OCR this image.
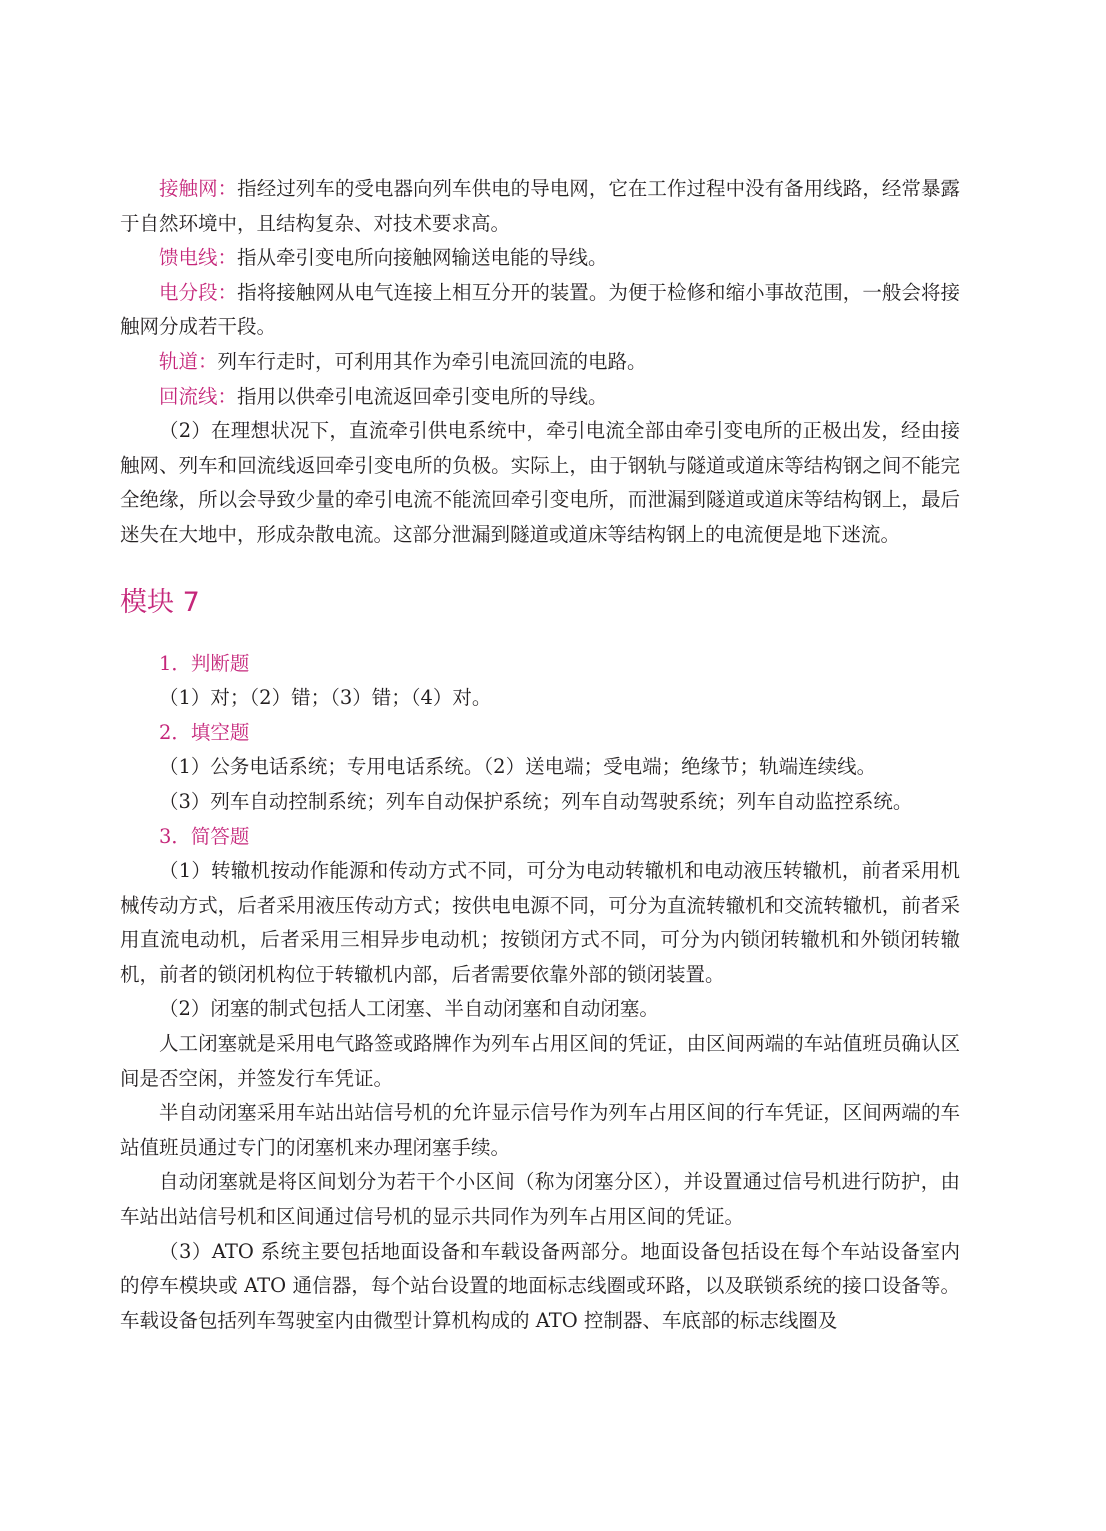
接触网：指经过列车的受电器向列车供电的导电网，它在工作过程中没有备用线路，经常暴露于自然环境中，且结构复杂、对技术要求高。

馈电线：指从牵引变电所向接触网输送电能的导线。

电分段：指将接触网从电气连接上相互分开的装置。为便于检修和缩小事故范围，一般会将接触网分成若干段。

轨道：列车行走时，可利用其作为牵引电流回流的电路。

回流线：指用以供牵引电流返回牵引变电所的导线。

（2）在理想状况下，直流牵引供电系统中，牵引电流全部由牵引变电所的正极出发，经由接触网、列车和回流线返回牵引变电所的负极。实际上，由于钢轨与隧道或道床等结构钢之间不能完全绝缘，所以会导致少量的牵引电流不能流回牵引变电所，而泄漏到隧道或道床等结构钢上，最后迷失在大地中，形成杂散电流。这部分泄漏到隧道或道床等结构钢上的电流便是地下迷流。

模块 7

1．判断题

（1）对；（2）错；（3）错；（4）对。

2．填空题

（1）公务电话系统；专用电话系统。（2）送电端；受电端；绝缘节；轨端连续线。

（3）列车自动控制系统；列车自动保护系统；列车自动驾驶系统；列车自动监控系统。

3．简答题

（1）转辙机按动作能源和传动方式不同，可分为电动转辙机和电动液压转辙机，前者采用机械传动方式，后者采用液压传动方式；按供电电源不同，可分为直流转辙机和交流转辙机，前者采用直流电动机，后者采用三相异步电动机；按锁闭方式不同，可分为内锁闭转辙机和外锁闭转辙机，前者的锁闭机构位于转辙机内部，后者需要依靠外部的锁闭装置。

（2）闭塞的制式包括人工闭塞、半自动闭塞和自动闭塞。

人工闭塞就是采用电气路签或路牌作为列车占用区间的凭证，由区间两端的车站值班员确认区间是否空闲，并签发行车凭证。

半自动闭塞采用车站出站信号机的允许显示信号作为列车占用区间的行车凭证，区间两端的车站值班员通过专门的闭塞机来办理闭塞手续。

自动闭塞就是将区间划分为若干个小区间（称为闭塞分区），并设置通过信号机进行防护，由车站出站信号机和区间通过信号机的显示共同作为列车占用区间的凭证。

（3）ATO 系统主要包括地面设备和车载设备两部分。地面设备包括设在每个车站设备室内的停车模块或 ATO 通信器，每个站台设置的地面标志线圈或环路，以及联锁系统的接口设备等。车载设备包括列车驾驶室内由微型计算机构成的 ATO 控制器、车底部的标志线圈及
